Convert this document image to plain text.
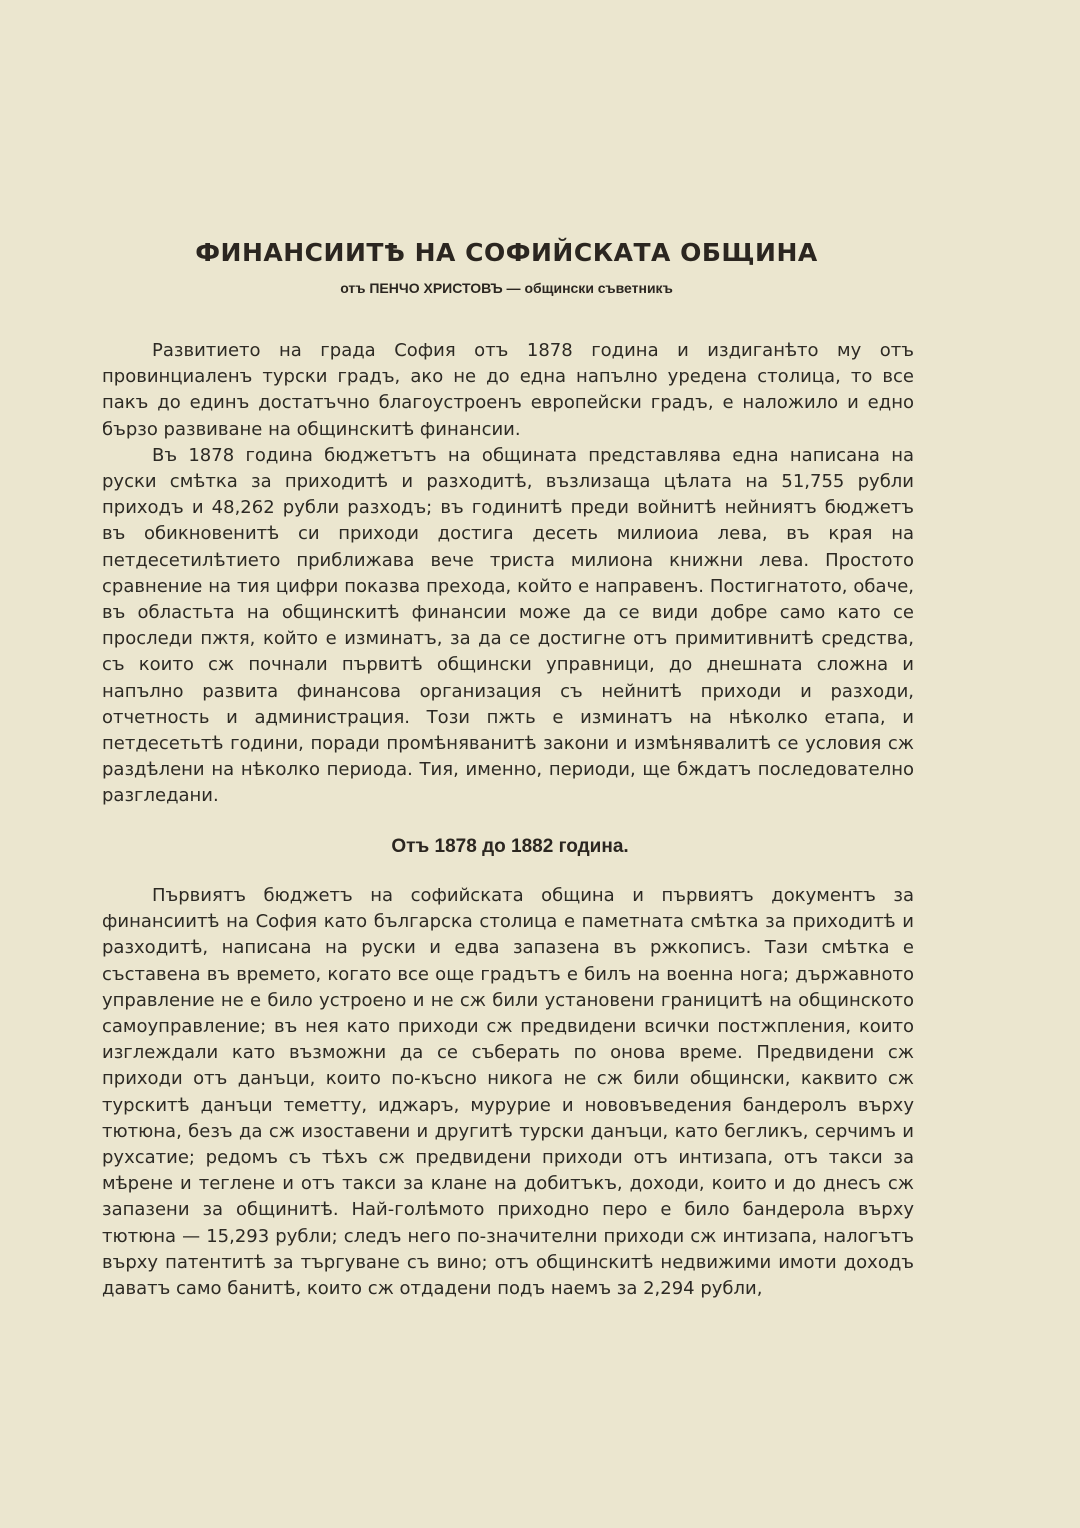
ФИНАНСИИТѢ НА СОФИЙСКАТА ОБЩИНА
отъ ПЕНЧО ХРИСТОВЪ — общински съветникъ

Развитието на града София отъ 1878 година и издиганѣто му отъ провинциаленъ турски градъ, ако не до една напълно уредена столица, то все пакъ до единъ достатъчно благоустроенъ европейски градъ, е наложило и едно бързо развиване на общинскитѣ финансии.

Въ 1878 година бюджетътъ на общината представлява една написана на руски смѣтка за приходитѣ и разходитѣ, възлизаща цѣлата на 51,755 рубли приходъ и 48,262 рубли разходъ; въ годинитѣ преди войнитѣ нейниятъ бюджетъ въ обикновенитѣ си приходи достига десеть милиоиа лева, въ края на петдесетилѣтието приближава вече триста милиона книжни лева. Простото сравнение на тия цифри показва прехода, който е направенъ. Постигнатото, обаче, въ областьта на общинскитѣ финансии може да се види добре само като се проследи пжтя, който е изминатъ, за да се достигне отъ примитивнитѣ средства, съ които сж почнали първитѣ общински управници, до днешната сложна и напълно развита финансова организация съ нейнитѣ приходи и разходи, отчетность и администрация. Този пжть е изминатъ на нѣколко етапа, и петдесетьтѣ години, поради промѣняванитѣ закони и измѣнявалитѣ се условия сж раздѣлени на нѣколко периода. Тия, именно, периоди, ще бждатъ последователно разгледани.

Отъ 1878 до 1882 година.

Първиятъ бюджетъ на софийската община и първиятъ документъ за финансиитѣ на София като българска столица е паметната смѣтка за приходитѣ и разходитѣ, написана на руски и едва запазена въ ржкописъ. Тази смѣтка е съставена въ времето, когато все още градътъ е билъ на военна нога; държавното управление не е било устроено и не сж били установени границитѣ на общинското самоуправление; въ нея като приходи сж предвидени всички постжпления, които изглеждали като възможни да се съберать по онова време. Предвидени сж приходи отъ данъци, които по-късно никога не сж били общински, каквито сж турскитѣ данъци теметту, иджаръ, мурурие и нововъведения бандеролъ върху тютюна, безъ да сж изоставени и другитѣ турски данъци, като бегликъ, серчимъ и рухсатие; редомъ съ тѣхъ сж предвидени приходи отъ интизапа, отъ такси за мѣрене и теглене и отъ такси за клане на добитъкъ, доходи, които и до днесъ сж запазени за общинитѣ. Най-голѣмото приходно перо е било бандерола върху тютюна — 15,293 рубли; следъ него по-значителни приходи сж интизапа, налогътъ върху патентитѣ за търгуване съ вино; отъ общинскитѣ недвижими имоти доходъ даватъ само банитѣ, които сж отдадени подъ наемъ за 2,294 рубли,
